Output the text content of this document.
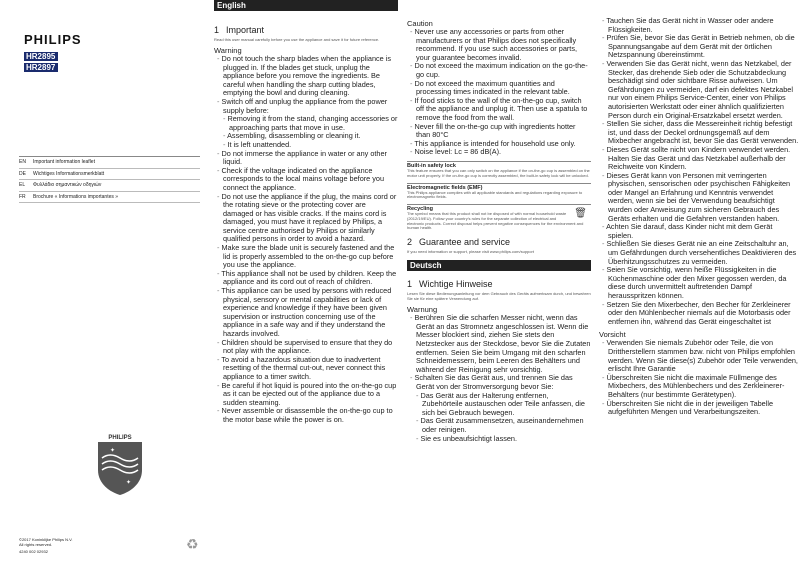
PHILIPS
HR2895
HR2897
EN	Important information leaflet
DE	Wichtiges Informationsmerkblatt
EL	Φυλλάδιο σημαντικών οδηγιών
FR	Brochure « Informations importantes »
PHILIPS
✦
✦
©2017 Koninklijke Philips N.V.
All rights reserved.
4240 002 02932	♻
English
1 Important

Read this user manual carefully before you use the appliance and save it for future reference.

Warning
- Do not touch the sharp blades when the appliance is plugged in. If the blades get stuck, unplug the appliance before you remove the ingredients. Be careful when handling the sharp cutting blades, emptying the bowl and during cleaning.
- Switch off and unplug the appliance from the power supply before:
- Removing it from the stand, changing accessories or approaching parts that move in use.
- Assembling, disassembling or cleaning it.
- It is left unattended.
- Do not immerse the appliance in water or any other liquid.
- Check if the voltage indicated on the appliance corresponds to the local mains voltage before you connect the appliance.
- Do not use the appliance if the plug, the mains cord or the rotating sieve or the protecting cover are damaged or has visible cracks. If the mains cord is damaged, you must have it replaced by Philips, a service centre authorised by Philips or similarly qualified persons in order to avoid a hazard.
- Make sure the blade unit is securely fastened and the lid is properly assembled to the on-the-go cup before you use the appliance.
- This appliance shall not be used by children. Keep the appliance and its cord out of reach of children.
- This appliance can be used by persons with reduced physical, sensory or mental capabilities or lack of experience and knowledge if they have been given supervision or instruction concerning use of the appliance in a safe way and if they understand the hazards involved.
- Children should be supervised to ensure that they do not play with the appliance.
- To avoid a hazardous situation due to inadvertent resetting of the thermal cut-out, never connect this appliance to a timer switch.
- Be careful if hot liquid is poured into the on-the-go cup as it can be ejected out of the appliance due to a sudden steaming.
- Never assemble or disassemble the on-the-go cup to the motor base while the power is on.
Caution
- Never use any accessories or parts from other manufacturers or that Philips does not specifically recommend. If you use such accessories or parts, your guarantee becomes invalid.
- Do not exceed the maximum indication on the go-the-go cup.
- Do not exceed the maximum quantities and processing times indicated in the relevant table.
- If food sticks to the wall of the on-the-go cup, switch off the appliance and unplug it. Then use a spatula to remove the food from the wall.
- Never fill the on-the-go cup with ingredients hotter than 80°C
- This appliance is intended for household use only.
- Noise level: Lc = 86 dB(A).
Built-in safety lock

This feature ensures that you can only switch on the appliance if the on-the-go cup is assembled on the motor unit properly. If the on-the-go cup is correctly assembled, the built-in safety lock will be unlocked.

Electromagnetic fields (EMF)

This Philips appliance complies with all applicable standards and regulations regarding exposure to electromagnetic fields.

🗑
Recycling

The symbol means that this product shall not be disposed of with normal household waste (2012/19/EU). Follow your country's rules for the separate collection of electrical and electronic products. Correct disposal helps prevent negative consequences for the environment and human health.

2 Guarantee and service

If you need information or support, please visit www.philips.com/support

Deutsch
1 Wichtige Hinweise

Lesen Sie diese Bedienungsanleitung vor dem Gebrauch des Geräts aufmerksam durch, und bewahren Sie sie für eine spätere Verwendung auf.

Warnung
- Berühren Sie die scharfen Messer nicht, wenn das Gerät an das Stromnetz angeschlossen ist. Wenn die Messer blockiert sind, ziehen Sie stets den Netzstecker aus der Steckdose, bevor Sie die Zutaten entfernen. Seien Sie beim Umgang mit den scharfen Schneidemessern, beim Leeren des Behälters und während der Reinigung sehr vorsichtig.
- Schalten Sie das Gerät aus, und trennen Sie das Gerät von der Stromversorgung bevor Sie:
- Das Gerät aus der Halterung entfernen, Zubehörteile austauschen oder Teile anfassen, die sich bei Gebrauch bewegen.
- Das Gerät zusammensetzen, auseinandernehmen oder reinigen.
- Sie es unbeaufsichtigt lassen.
- Tauchen Sie das Gerät nicht in Wasser oder andere Flüssigkeiten.
- Prüfen Sie, bevor Sie das Gerät in Betrieb nehmen, ob die Spannungsangabe auf dem Gerät mit der örtlichen Netzspannung übereinstimmt.
- Verwenden Sie das Gerät nicht, wenn das Netzkabel, der Stecker, das drehende Sieb oder die Schutzabdeckung beschädigt sind oder sichtbare Risse aufweisen. Um Gefährdungen zu vermeiden, darf ein defektes Netzkabel nur von einem Philips Service-Center, einer von Philips autorisierten Werkstatt oder einer ähnlich qualifizierten Person durch ein Original-Ersatzkabel ersetzt werden.
- Stellen Sie sicher, dass die Messereinheit richtig befestigt ist, und dass der Deckel ordnungsgemäß auf dem Mixbecher angebracht ist, bevor Sie das Gerät verwenden.
- Dieses Gerät sollte nicht von Kindern verwendet werden. Halten Sie das Gerät und das Netzkabel außerhalb der Reichweite von Kindern.
- Dieses Gerät kann von Personen mit verringerten physischen, sensorischen oder psychischen Fähigkeiten oder Mangel an Erfahrung und Kenntnis verwendet werden, wenn sie bei der Verwendung beaufsichtigt wurden oder Anweisung zum sicheren Gebrauch des Geräts erhalten und die Gefahren verstanden haben.
- Achten Sie darauf, dass Kinder nicht mit dem Gerät spielen.
- Schließen Sie dieses Gerät nie an eine Zeitschaltuhr an, um Gefährdungen durch versehentliches Deaktivieren des Überhitzungsschutzes zu vermeiden.
- Seien Sie vorsichtig, wenn heiße Flüssigkeiten in die Küchenmaschine oder den Mixer gegossen werden, da diese durch unvermittelt auftretenden Dampf herausspritzen können.
- Setzen Sie den Mixerbecher, den Becher für Zerkleinerer oder den Mühlenbecher niemals auf die Motorbasis oder entfernen ihn, während das Gerät eingeschaltet ist
Vorsicht
- Verwenden Sie niemals Zubehör oder Teile, die von Drittherstellern stammen bzw. nicht von Philips empfohlen werden. Wenn Sie diese(s) Zubehör oder Teile verwenden, erlischt Ihre Garantie
- Überschreiten Sie nicht die maximale Füllmenge des Mixbechers, des Mühlenbechers und des Zerkleinerer-Behälters (nur bestimmte Gerätetypen).
- Überschreiten Sie nicht die in der jeweiligen Tabelle aufgeführten Mengen und Verarbeitungszeiten.
